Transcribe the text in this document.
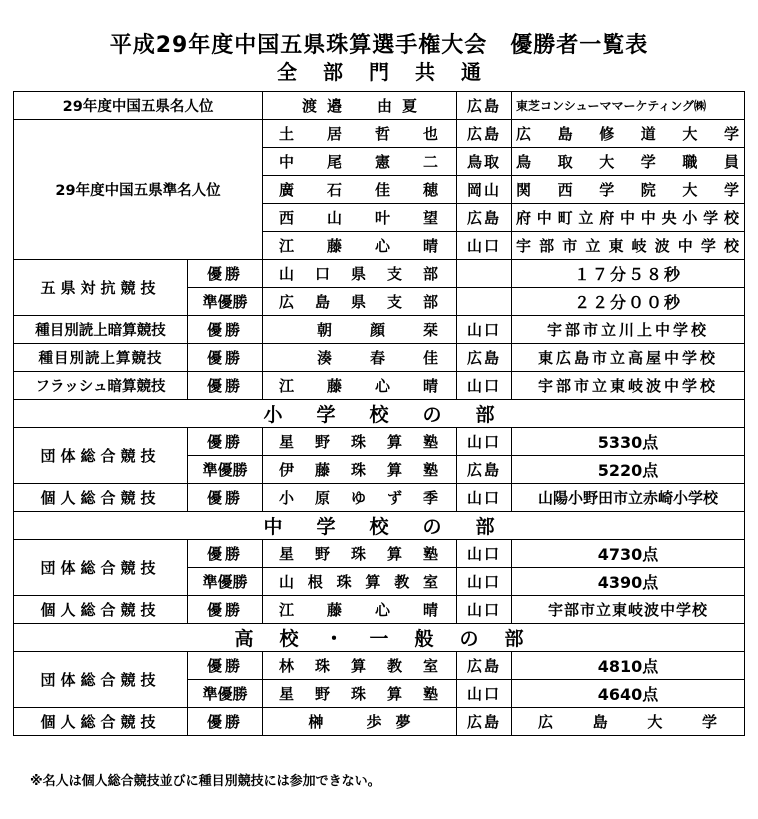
平成29年度中国五県珠算選手権大会　優勝者一覧表
全部門共通
29年度中国五県名人位		渡邉　由夏	広島	東芝コンシューママーケティング㈱
29年度中国五県準名人位		土居哲也	広島	広島修道大学
		中尾憲二	鳥取	鳥取大学職員
		廣石佳穂	岡山	関西学院大学
		西山叶望	広島	府中町立府中中央小学校
		江藤心晴	山口	宇部市立東岐波中学校
五県対抗競技	優勝	山口県支部		１７分５８秒
	準優勝	広島県支部		２２分００秒
種目別読上暗算競技	優勝	朝顔栞	山口	宇部市立川上中学校
種目別読上算競技	優勝	湊春佳	広島	東広島市立高屋中学校
フラッシュ暗算競技	優勝	江藤心晴	山口	宇部市立東岐波中学校
小学校の部				
団体総合競技	優勝	星野珠算塾	山口	5330点
	準優勝	伊藤珠算塾	広島	5220点
個人総合競技	優勝	小原ゆず季	山口	山陽小野田市立赤崎小学校
中学校の部				
団体総合競技	優勝	星野珠算塾	山口	4730点
	準優勝	山根珠算教室	山口	4390点
個人総合競技	優勝	江藤心晴	山口	宇部市立東岐波中学校
高校・一般の部				
団体総合競技	優勝	林珠算教室	広島	4810点
	準優勝	星野珠算塾	山口	4640点
個人総合競技	優勝	榊　歩夢	広島	広島大学
※名人は個人総合競技並びに種目別競技には参加できない。
